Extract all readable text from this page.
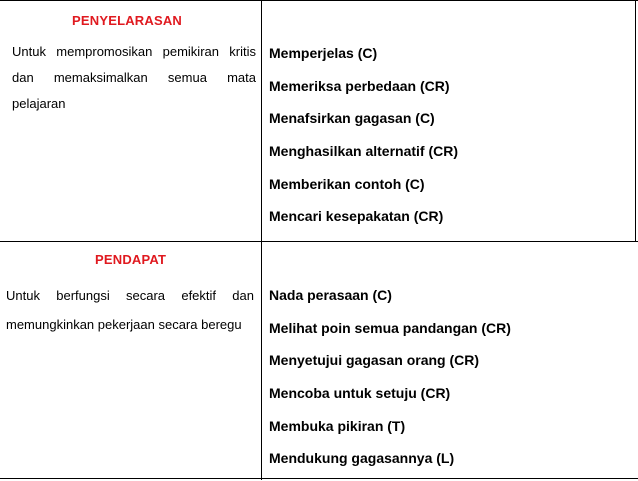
PENYELARASAN
Untuk mempromosikan pemikiran kritis dan memaksimalkan semua mata pelajaran
Memperjelas (C)
Memeriksa perbedaan (CR)
Menafsirkan gagasan (C)
Menghasilkan alternatif (CR)
Memberikan contoh (C)
Mencari kesepakatan (CR)
PENDAPAT
Untuk berfungsi secara efektif dan memungkinkan pekerjaan secara beregu
Nada perasaan (C)
Melihat poin semua pandangan (CR)
Menyetujui gagasan orang (CR)
Mencoba untuk setuju (CR)
Membuka pikiran (T)
Mendukung gagasannya (L)
